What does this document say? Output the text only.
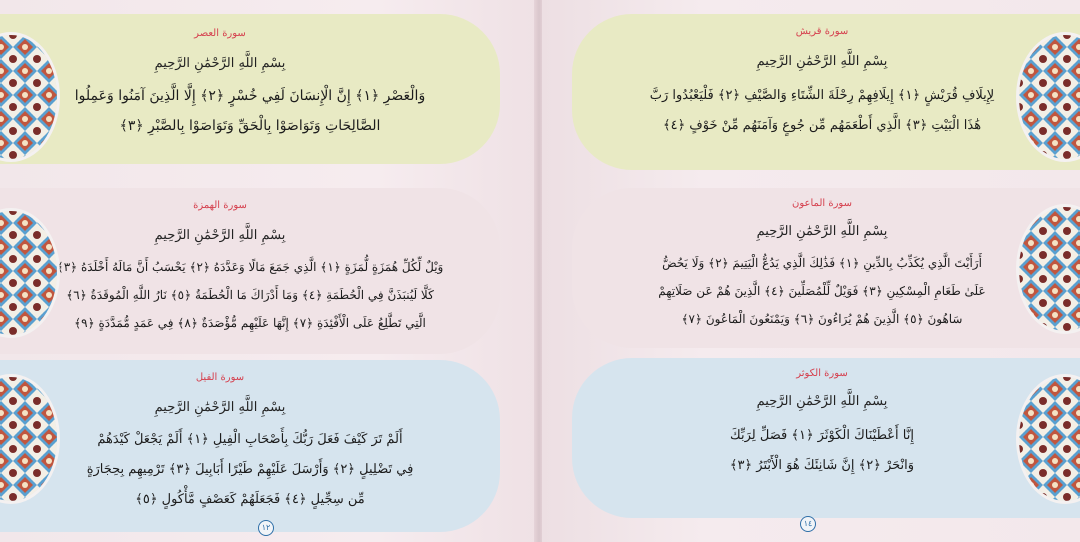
سورة العصر
بِسْمِ اللَّهِ الرَّحْمَٰنِ الرَّحِيمِ
وَالْعَصْرِ ﴿١﴾ إِنَّ الْإِنسَانَ لَفِي خُسْرٍ ﴿٢﴾ إِلَّا الَّذِينَ آمَنُوا وَعَمِلُوا
الصَّالِحَاتِ وَتَوَاصَوْا بِالْحَقِّ وَتَوَاصَوْا بِالصَّبْرِ ﴿٣﴾
سورة الهمزة
بِسْمِ اللَّهِ الرَّحْمَٰنِ الرَّحِيمِ
وَيْلٌ لِّكُلِّ هُمَزَةٍ لُّمَزَةٍ ﴿١﴾ الَّذِي جَمَعَ مَالًا وَعَدَّدَهُ ﴿٢﴾ يَحْسَبُ أَنَّ مَالَهُ أَخْلَدَهُ ﴿٣﴾
كَلَّا لَيُنبَذَنَّ فِي الْحُطَمَةِ ﴿٤﴾ وَمَا أَدْرَاكَ مَا الْحُطَمَةُ ﴿٥﴾ نَارُ اللَّهِ الْمُوقَدَةُ ﴿٦﴾
الَّتِي تَطَّلِعُ عَلَى الْأَفْئِدَةِ ﴿٧﴾ إِنَّهَا عَلَيْهِم مُّؤْصَدَةٌ ﴿٨﴾ فِي عَمَدٍ مُّمَدَّدَةٍ ﴿٩﴾
سورة الفيل
بِسْمِ اللَّهِ الرَّحْمَٰنِ الرَّحِيمِ
أَلَمْ تَرَ كَيْفَ فَعَلَ رَبُّكَ بِأَصْحَابِ الْفِيلِ ﴿١﴾ أَلَمْ يَجْعَلْ كَيْدَهُمْ
فِي تَضْلِيلٍ ﴿٢﴾ وَأَرْسَلَ عَلَيْهِمْ طَيْرًا أَبَابِيلَ ﴿٣﴾ تَرْمِيهِم بِحِجَارَةٍ
مِّن سِجِّيلٍ ﴿٤﴾ فَجَعَلَهُمْ كَعَصْفٍ مَّأْكُولٍ ﴿٥﴾
١٢
سورة قريش
بِسْمِ اللَّهِ الرَّحْمَٰنِ الرَّحِيمِ
لِإِيلَافِ قُرَيْشٍ ﴿١﴾ إِيلَافِهِمْ رِحْلَةَ الشِّتَاءِ وَالصَّيْفِ ﴿٢﴾ فَلْيَعْبُدُوا رَبَّ
هَٰذَا الْبَيْتِ ﴿٣﴾ الَّذِي أَطْعَمَهُم مِّن جُوعٍ وَآمَنَهُم مِّنْ خَوْفٍ ﴿٤﴾
سورة الماعون
بِسْمِ اللَّهِ الرَّحْمَٰنِ الرَّحِيمِ
أَرَأَيْتَ الَّذِي يُكَذِّبُ بِالدِّينِ ﴿١﴾ فَذَٰلِكَ الَّذِي يَدُعُّ الْيَتِيمَ ﴿٢﴾ وَلَا يَحُضُّ
عَلَىٰ طَعَامِ الْمِسْكِينِ ﴿٣﴾ فَوَيْلٌ لِّلْمُصَلِّينَ ﴿٤﴾ الَّذِينَ هُمْ عَن صَلَاتِهِمْ
سَاهُونَ ﴿٥﴾ الَّذِينَ هُمْ يُرَاءُونَ ﴿٦﴾ وَيَمْنَعُونَ الْمَاعُونَ ﴿٧﴾
سورة الكوثر
بِسْمِ اللَّهِ الرَّحْمَٰنِ الرَّحِيمِ
إِنَّا أَعْطَيْنَاكَ الْكَوْثَرَ ﴿١﴾ فَصَلِّ لِرَبِّكَ
وَانْحَرْ ﴿٢﴾ إِنَّ شَانِئَكَ هُوَ الْأَبْتَرُ ﴿٣﴾
١٤
